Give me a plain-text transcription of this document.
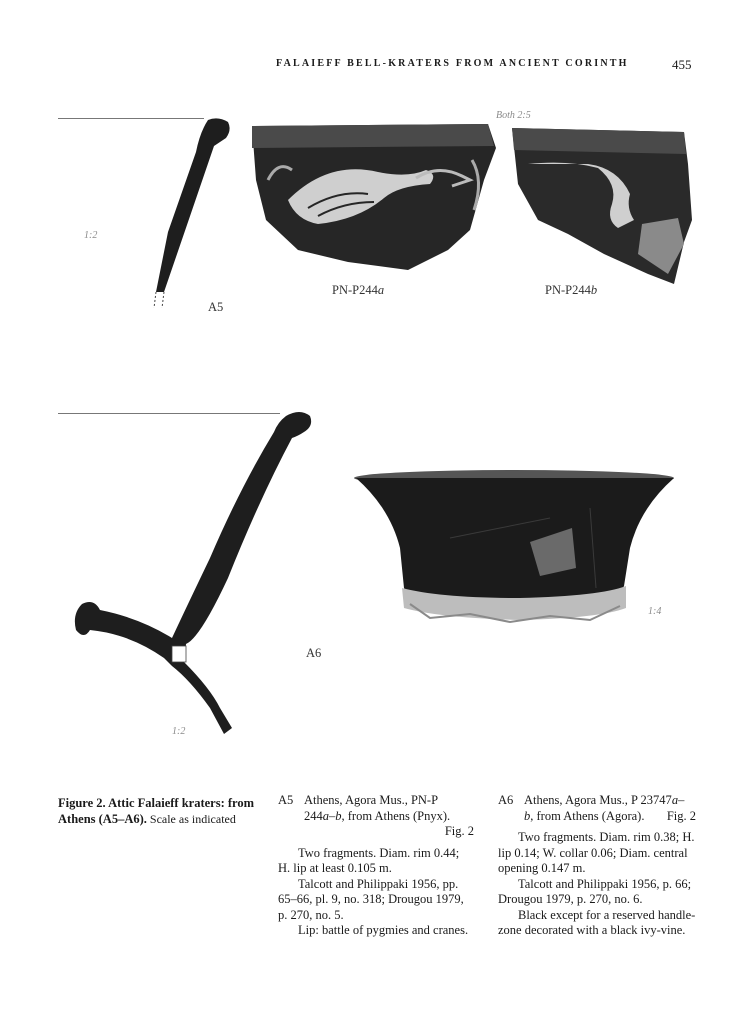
FALAIEFF BELL-KRATERS FROM ANCIENT CORINTH	455
1:2
Both 2:5
A5
PN-P244a	PN-P244b
1:2
A6
1:4
Figure 2. Attic Falaieff kraters: from Athens (A5–A6). Scale as indicated
A5 Athens, Agora Mus., PN-P
244a–b, from Athens (Pnyx).
Fig. 2

Two fragments. Diam. rim 0.44; H. lip at least 0.105 m.

Talcott and Philippaki 1956, pp. 65–66, pl. 9, no. 318; Drougou 1979, p. 270, no. 5.

Lip: battle of pygmies and cranes.

A6 Athens, Agora Mus., P 23747a–
b, from Athens (Agora). Fig. 2

Two fragments. Diam. rim 0.38; H. lip 0.14; W. collar 0.06; Diam. central opening 0.147 m.

Talcott and Philippaki 1956, p. 66; Drougou 1979, p. 270, no. 6.

Black except for a reserved handle-zone decorated with a black ivy-vine.
